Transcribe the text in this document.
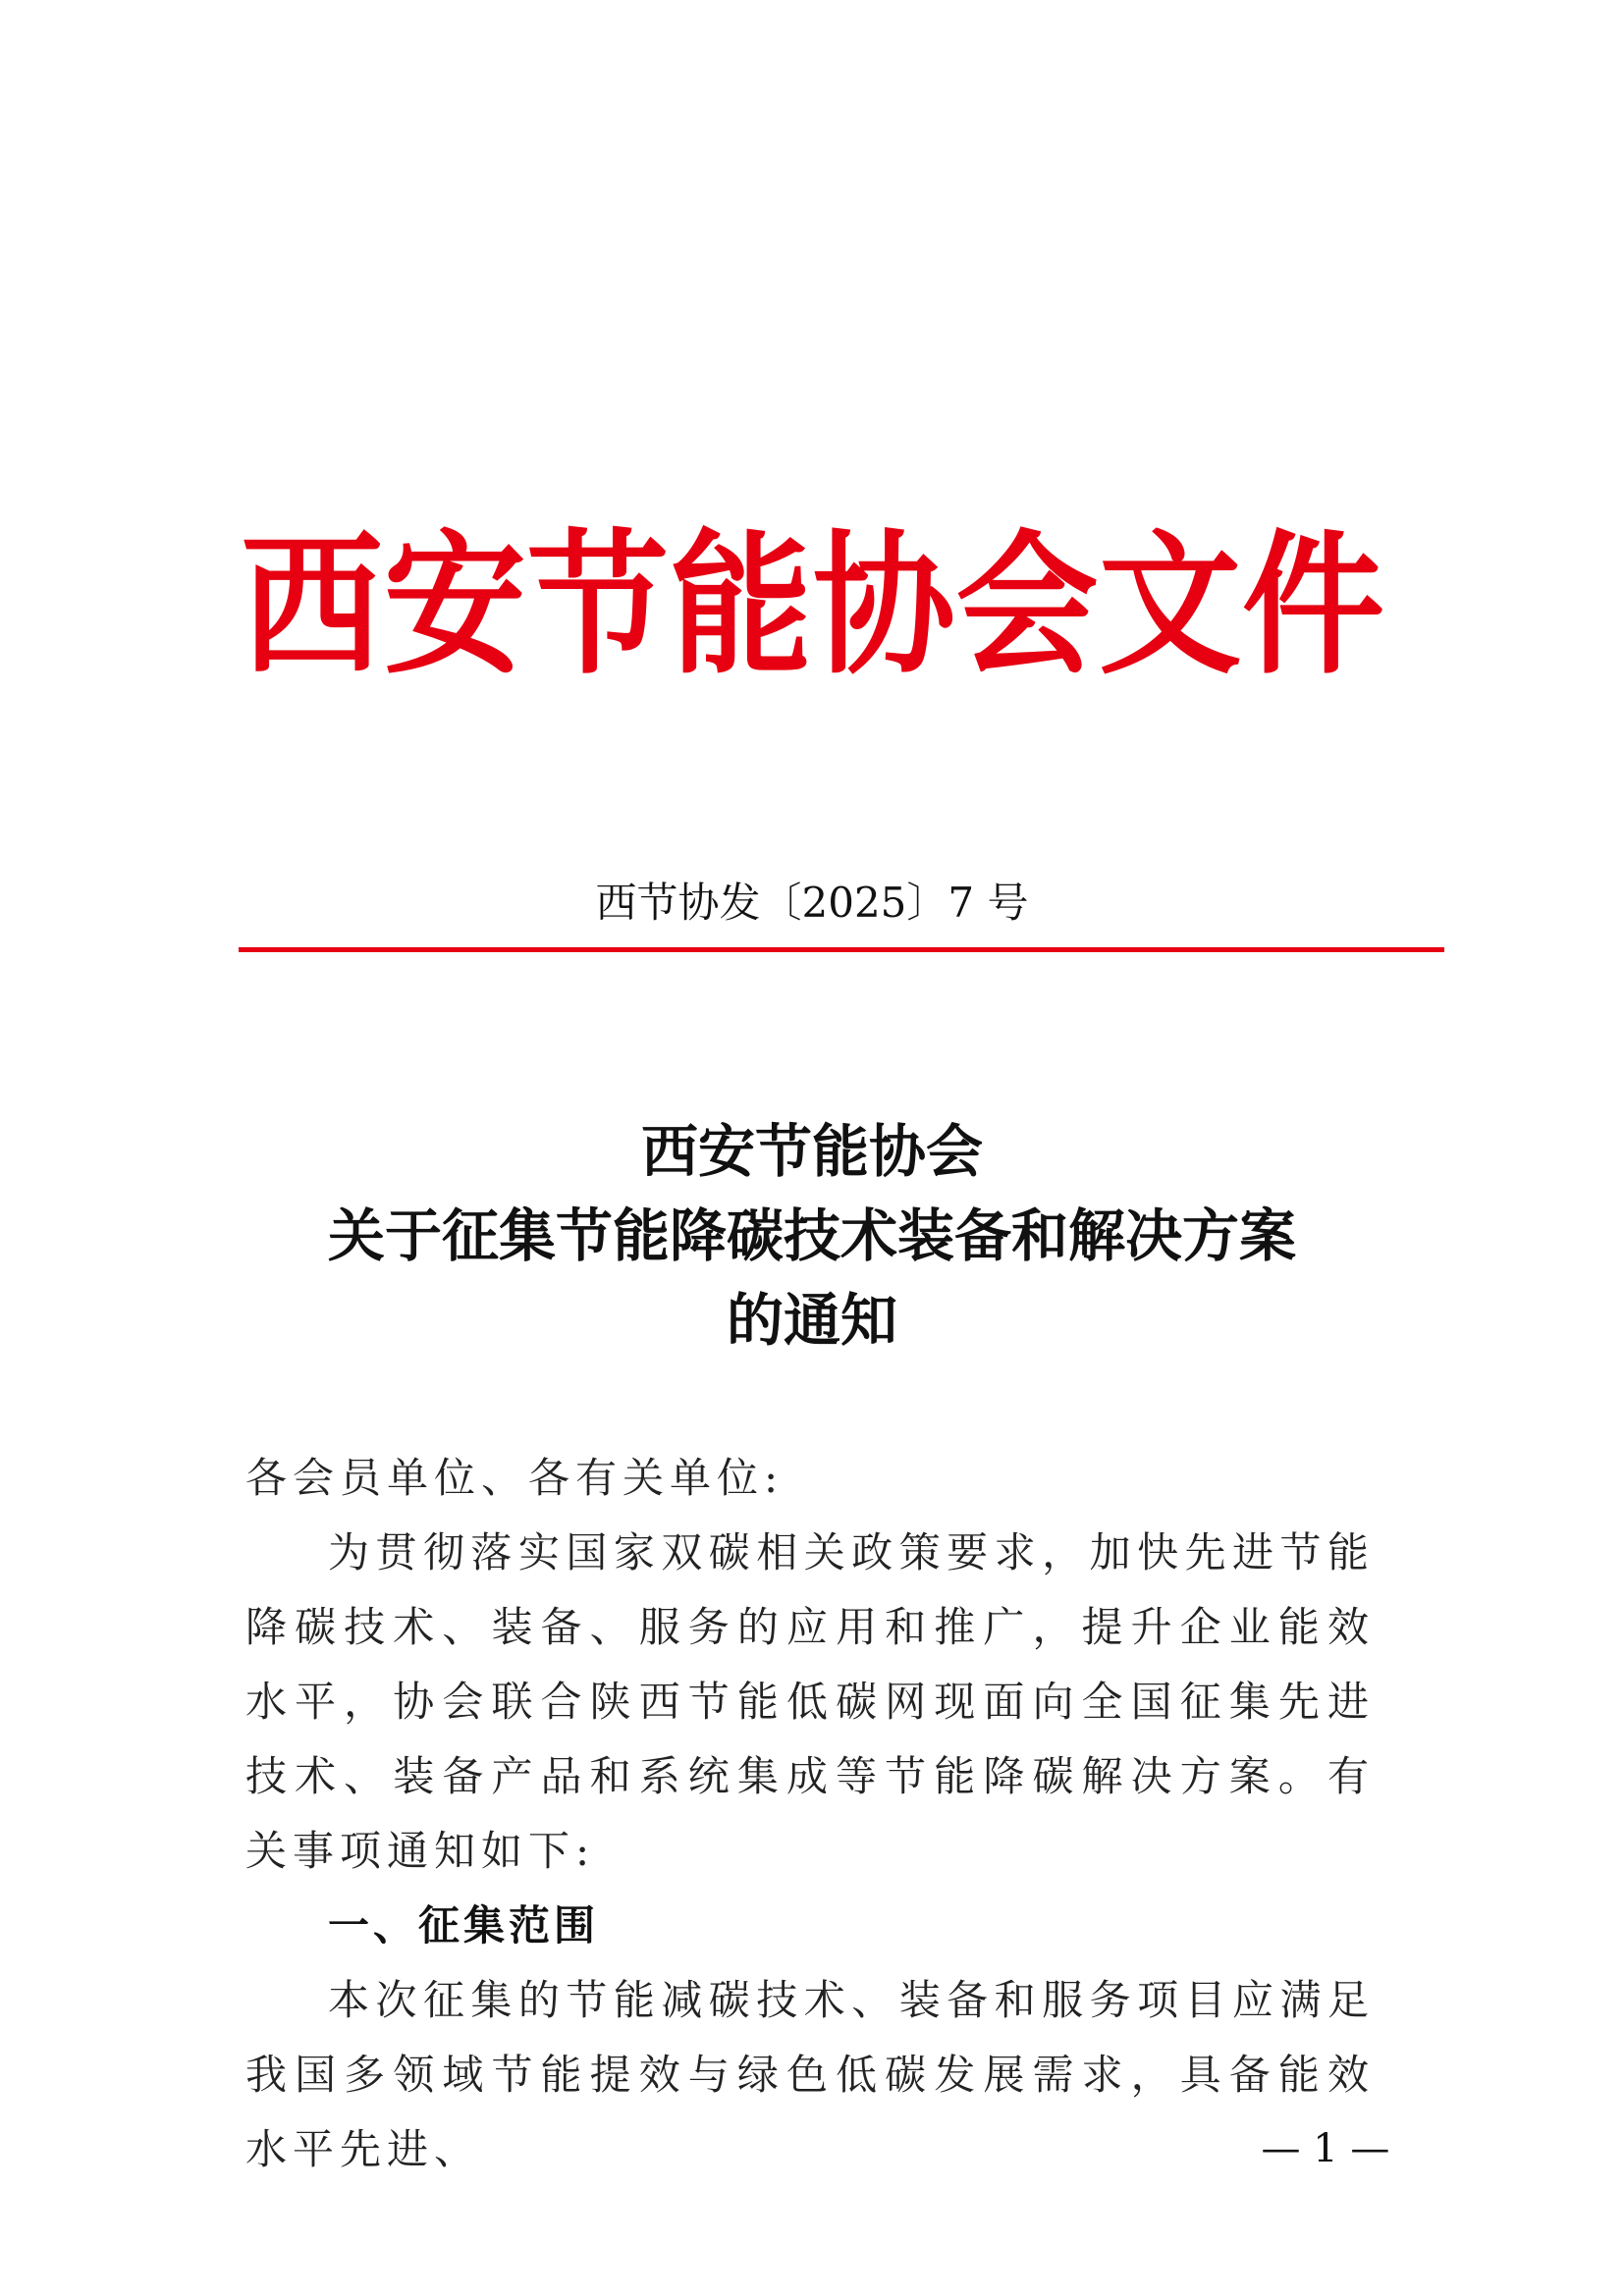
西 安 节 能 协 会 文 件
西节协发〔2025〕7 号
西安节能协会
关于征集节能降碳技术装备和解决方案
的通知

各会员单位、各有关单位:

为贯彻落实国家双碳相关政策要求，加快先进节能降碳技术、装备、服务的应用和推广，提升企业能效水平，协会联合陕西节能低碳网现面向全国征集先进技术、装备产品和系统集成等节能降碳解决方案。有关事项通知如下:

一、征集范围

本次征集的节能减碳技术、装备和服务项目应满足我国多领域节能提效与绿色低碳发展需求，具备能效水平先进、	— 1 —
